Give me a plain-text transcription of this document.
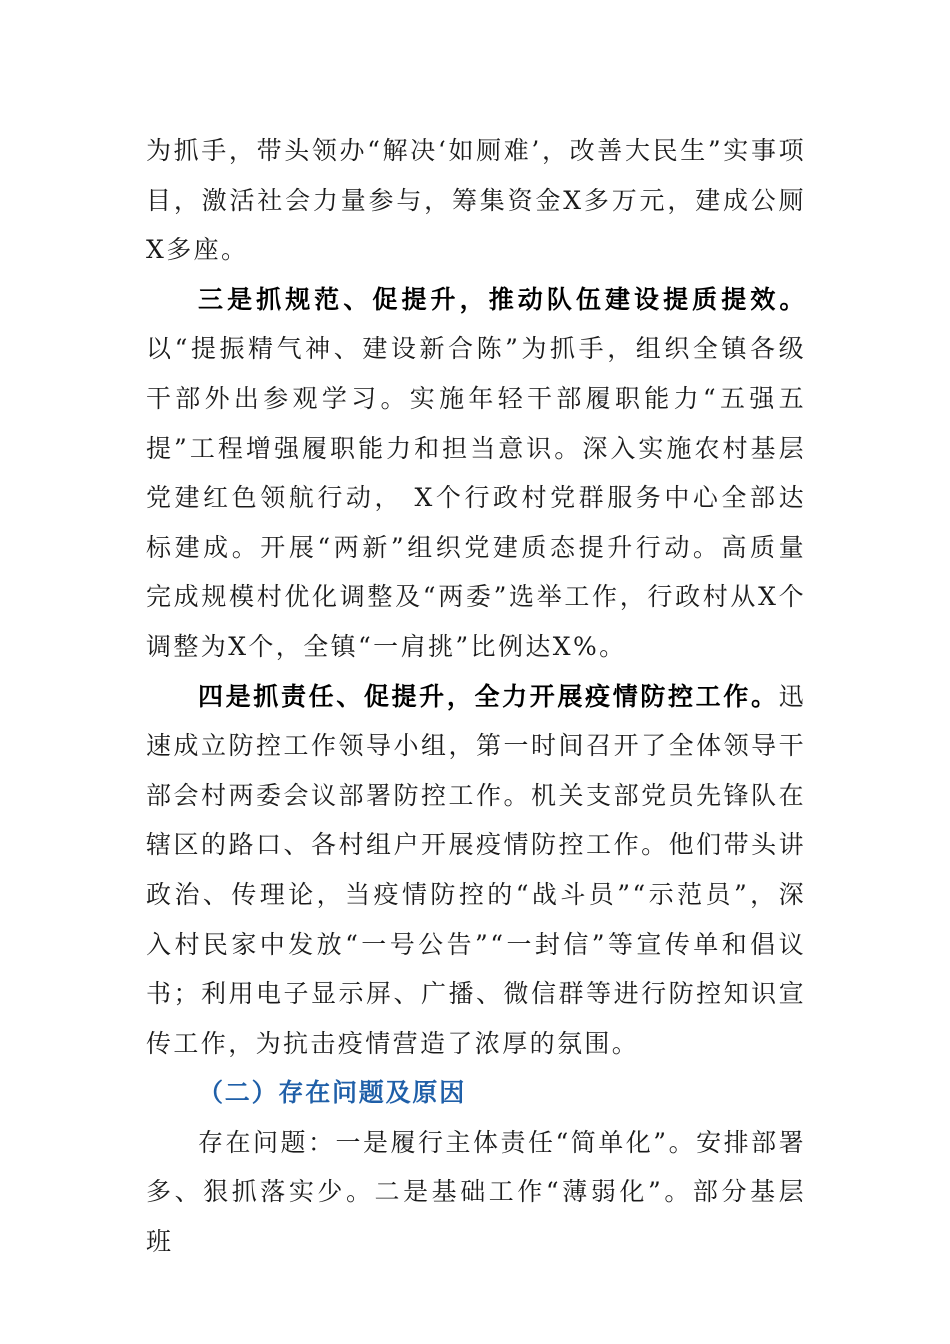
为抓手，带头领办“解决‘如厕难’，改善大民生”实事项目，激活社会力量参与，筹集资金X多万元，建成公厕X多座。

三是抓规范、促提升，推动队伍建设提质提效。以“提振精气神、建设新合陈”为抓手，组织全镇各级干部外出参观学习。实施年轻干部履职能力“五强五提”工程增强履职能力和担当意识。深入实施农村基层党建红色领航行动， X个行政村党群服务中心全部达标建成。开展“两新”组织党建质态提升行动。高质量完成规模村优化调整及“两委”选举工作，行政村从X个调整为X个，全镇“一肩挑”比例达X%。

四是抓责任、促提升，全力开展疫情防控工作。迅速成立防控工作领导小组，第一时间召开了全体领导干部会村两委会议部署防控工作。机关支部党员先锋队在辖区的路口、各村组户开展疫情防控工作。他们带头讲政治、传理论，当疫情防控的“战斗员”“示范员”，深入村民家中发放“一号公告”“一封信”等宣传单和倡议书；利用电子显示屏、广播、微信群等进行防控知识宣传工作，为抗击疫情营造了浓厚的氛围。

（二）存在问题及原因

存在问题：一是履行主体责任“简单化”。安排部署多、狠抓落实少。二是基础工作“薄弱化”。部分基层班
